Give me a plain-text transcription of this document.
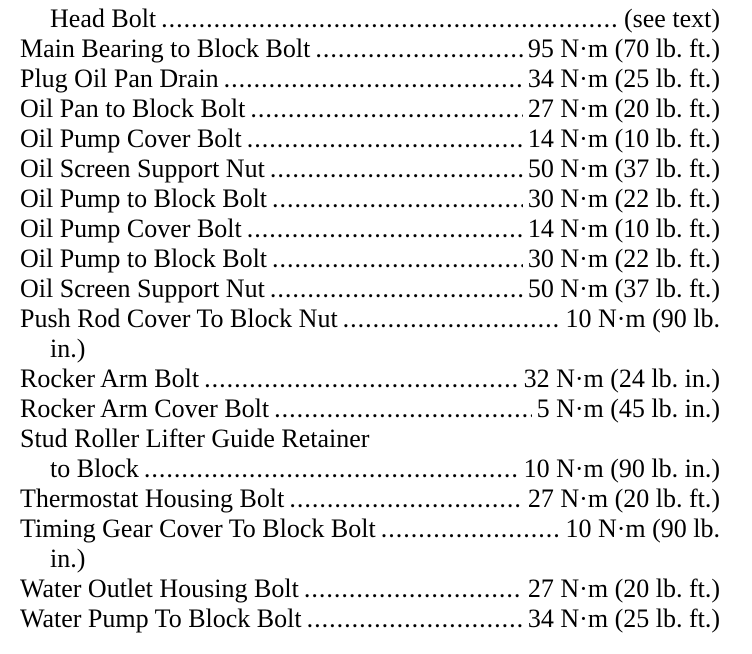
Head Bolt .....	(see text)
Main Bearing to Block Bolt .....	95 N·m (70 lb. ft.)
Plug Oil Pan Drain .....	34 N·m (25 lb. ft.)
Oil Pan to Block Bolt .....	27 N·m (20 lb. ft.)
Oil Pump Cover Bolt .....	14 N·m (10 lb. ft.)
Oil Screen Support Nut .....	50 N·m (37 lb. ft.)
Oil Pump to Block Bolt .....	30 N·m (22 lb. ft.)
Oil Pump Cover Bolt .....	14 N·m (10 lb. ft.)
Oil Pump to Block Bolt .....	30 N·m (22 lb. ft.)
Oil Screen Support Nut .....	50 N·m (37 lb. ft.)
Push Rod Cover To Block Nut .....	10 N·m (90 lb.
in.)
Rocker Arm Bolt .....	32 N·m (24 lb. in.)
Rocker Arm Cover Bolt .....	5 N·m (45 lb. in.)
Stud Roller Lifter Guide Retainer
to Block .....	10 N·m (90 lb. in.)
Thermostat Housing Bolt .....	27 N·m (20 lb. ft.)
Timing Gear Cover To Block Bolt .....	10 N·m (90 lb.
in.)
Water Outlet Housing Bolt .....	27 N·m (20 lb. ft.)
Water Pump To Block Bolt .....	34 N·m (25 lb. ft.)
